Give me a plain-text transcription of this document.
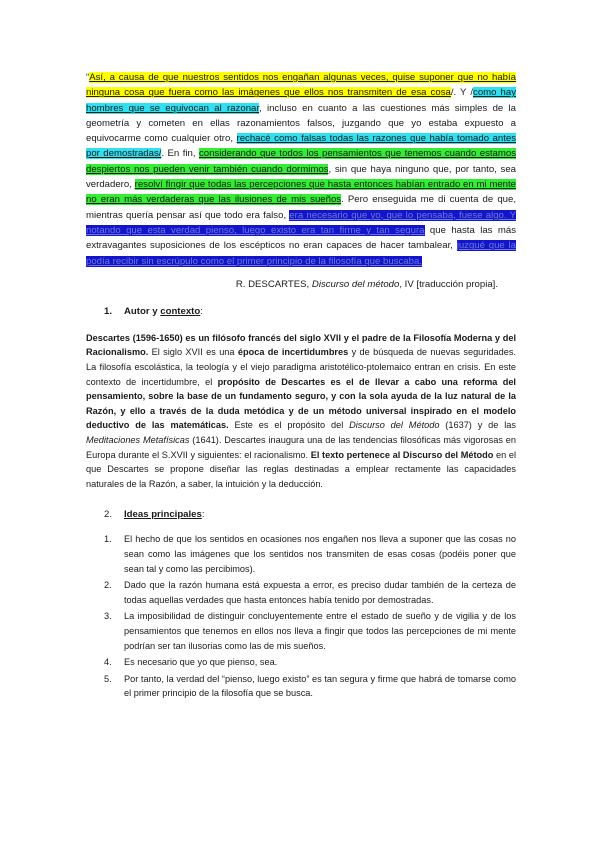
“Así, a causa de que nuestros sentidos nos engañan algunas veces, quise suponer que no había ninguna cosa que fuera como las imágenes que ellos nos transmiten de esa cosa/. Y /como hay hombres que se equivocan al razonar, incluso en cuanto a las cuestiones más simples de la geometría y cometen en ellas razonamientos falsos, juzgando que yo estaba expuesto a equivocarme como cualquier otro, rechacé como falsas todas las razones que había tomado antes por demostradas/. En fin, considerando que todos los pensamientos que tenemos cuando estamos despiertos nos pueden venir también cuando dormimos, sin que haya ninguno que, por tanto, sea verdadero, resolví fingir que todas las percepciones que hasta entonces habían entrado en mi mente no eran más verdaderas que las ilusiones de mis sueños. Pero enseguida me di cuenta de que, mientras quería pensar así que todo era falso, era necesario que yo, que lo pensaba, fuese algo. Y notando que esta verdad pienso, luego existo era tan firme y tan segura que hasta las más extravagantes suposiciones de los escépticos no eran capaces de hacer tambalear, juzgué que la podía recibir sin escrúpulo como el primer principio de la filosofía que buscaba.

R. DESCARTES, Discurso del método, IV [traducción propia].
1.	Autor y contexto:

Descartes (1596-1650) es un filósofo francés del siglo XVII y el padre de la Filosofía Moderna y del Racionalismo. El siglo XVII es una época de incertidumbres y de búsqueda de nuevas seguridades. La filosofía escolástica, la teología y el viejo paradigma aristotélico-ptolemaico entran en crisis. En este contexto de incertidumbre, el propósito de Descartes es el de llevar a cabo una reforma del pensamiento, sobre la base de un fundamento seguro, y con la sola ayuda de la luz natural de la Razón, y ello a través de la duda metódica y de un método universal inspirado en el modelo deductivo de las matemáticas. Este es el propósito del Discurso del Método (1637) y de las Meditaciones Metafísicas (1641). Descartes inaugura una de las tendencias filosóficas más vigorosas en Europa durante el S.XVII y siguientes: el racionalismo. El texto pertenece al Discurso del Método en el que Descartes se propone diseñar las reglas destinadas a emplear rectamente las capacidades naturales de la Razón, a saber, la intuición y la deducción.

2.	Ideas principales:
1.	El hecho de que los sentidos en ocasiones nos engañen nos lleva a suponer que las cosas no sean como las imágenes que los sentidos nos transmiten de esas cosas (podéis poner que sean tal y como las percibimos).
2.	Dado que la razón humana está expuesta a error, es preciso dudar también de la certeza de todas aquellas verdades que hasta entonces había tenido por demostradas.
3.	La imposibilidad de distinguir concluyentemente entre el estado de sueño y de vigilia y de los pensamientos que tenemos en ellos nos lleva a fingir que todos las percepciones de mi mente podrían ser tan ilusorias como las de mis sueños.
4.	Es necesario que yo que pienso, sea.
5.	Por tanto, la verdad del “pienso, luego existo” es tan segura y firme que habrá de tomarse como el primer principio de la filosofía que se busca.
